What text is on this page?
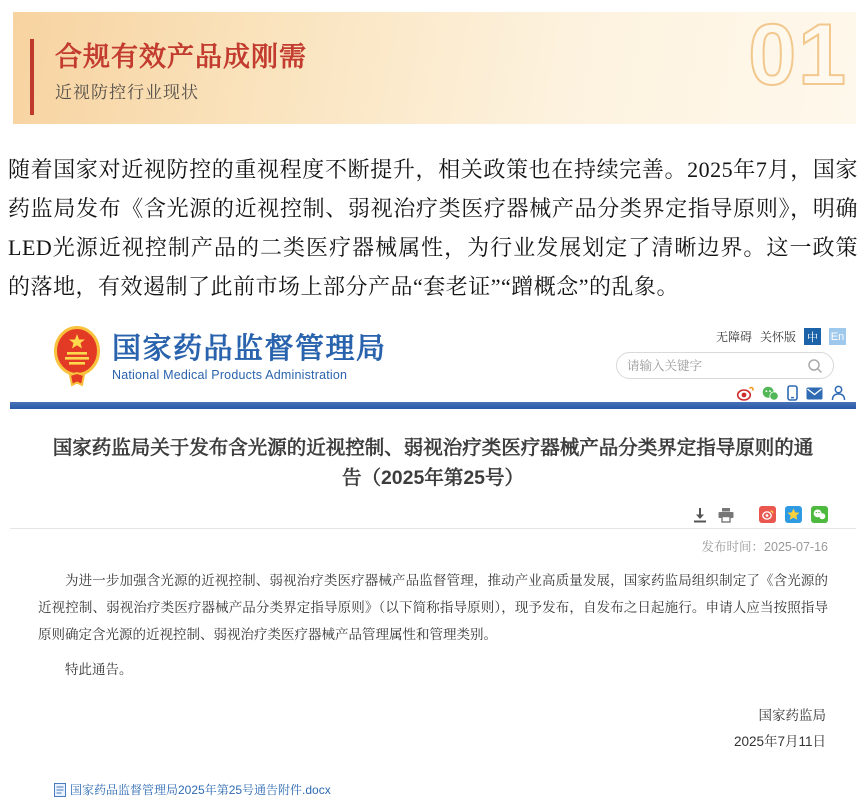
合规有效产品成刚需
近视防控行业现状	01

随着国家对近视防控的重视程度不断提升，相关政策也在持续完善。2025年7月，国家药监局发布《含光源的近视控制、弱视治疗类医疗器械产品分类界定指导原则》，明确LED光源近视控制产品的二类医疗器械属性，为行业发展划定了清晰边界。这一政策的落地，有效遏制了此前市场上部分产品“套老证”“蹭概念”的乱象。

国家药品监督管理局
National Medical Products Administration
无障碍 关怀版 中 En
请输入关键字
国家药监局关于发布含光源的近视控制、弱视治疗类医疗器械产品分类界定指导原则的通告（2025年第25号）
发布时间：2025-07-16

为进一步加强含光源的近视控制、弱视治疗类医疗器械产品监督管理，推动产业高质量发展，国家药监局组织制定了《含光源的近视控制、弱视治疗类医疗器械产品分类界定指导原则》（以下简称指导原则），现予发布，自发布之日起施行。申请人应当按照指导原则确定含光源的近视控制、弱视治疗类医疗器械产品管理属性和管理类别。

特此通告。

国家药监局
2025年7月11日
国家药品监督管理局2025年第25号通告附件.docx
